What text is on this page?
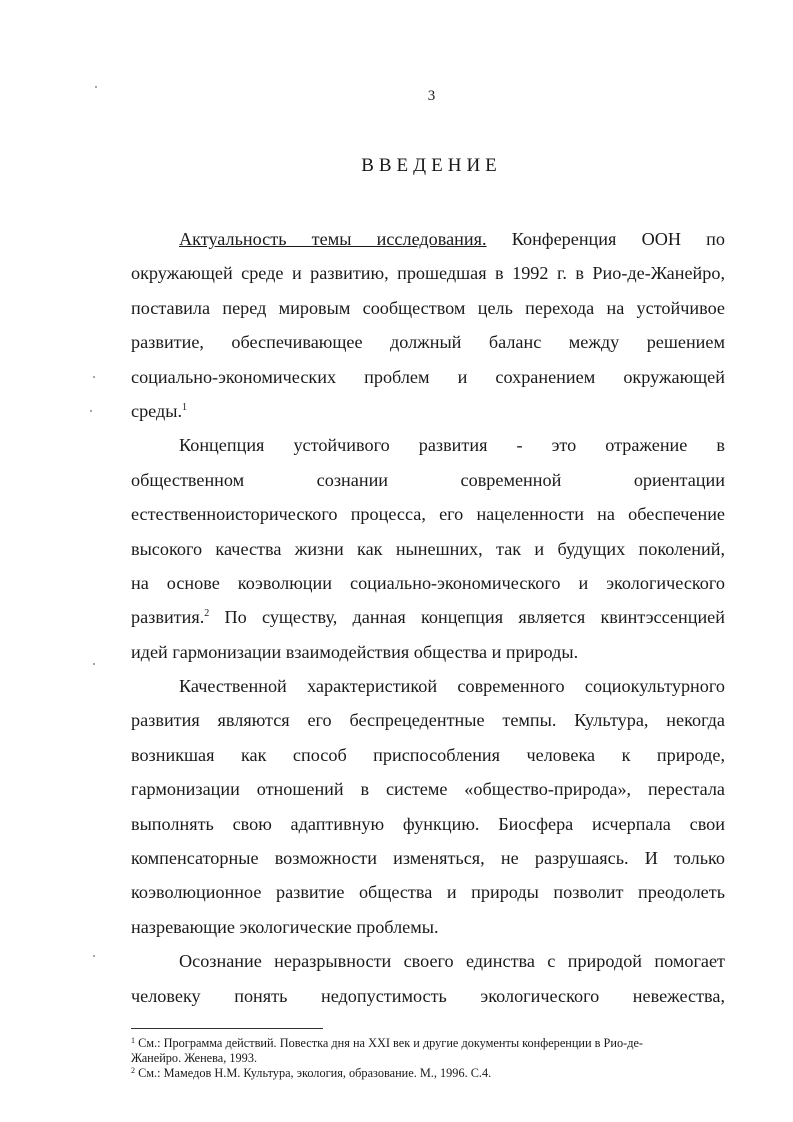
3
ВВЕДЕНИЕ
Актуальность темы исследования. Конференция ООН по
окружающей среде и развитию, прошедшая в 1992 г. в Рио-де-Жанейро,
поставила перед мировым сообществом цель перехода на устойчивое
развитие, обеспечивающее должный баланс между решением
социально-экономических проблем и сохранением окружающей
среды.$^1$
Концепция устойчивого развития - это отражение в
общественном сознании современной ориентации
естественноисторического процесса, его нацеленности на обеспечение
высокого качества жизни как нынешних, так и будущих поколений,
на основе коэволюции социально-экономического и экологического
развития.$^2$ По существу, данная концепция является квинтэссенцией
идей гармонизации взаимодействия общества и природы.
Качественной характеристикой современного социокультурного
развития являются его беспрецедентные темпы. Культура, некогда
возникшая как способ приспособления человека к природе,
гармонизации отношений в системе «общество-природа», перестала
выполнять свою адаптивную функцию. Биосфера исчерпала свои
компенсаторные возможности изменяться, не разрушаясь. И только
коэволюционное развитие общества и природы позволит преодолеть
назревающие экологические проблемы.
Осознание неразрывности своего единства с природой помогает
человеку понять недопустимость экологического невежества,
$^1$ См.: Программа действий. Повестка дня на XXI век и другие документы конференции в Рио-де-
Жанейро. Женева, 1993.
$^2$ См.: Мамедов Н.М. Культура, экология, образование. М., 1996. С.4.
